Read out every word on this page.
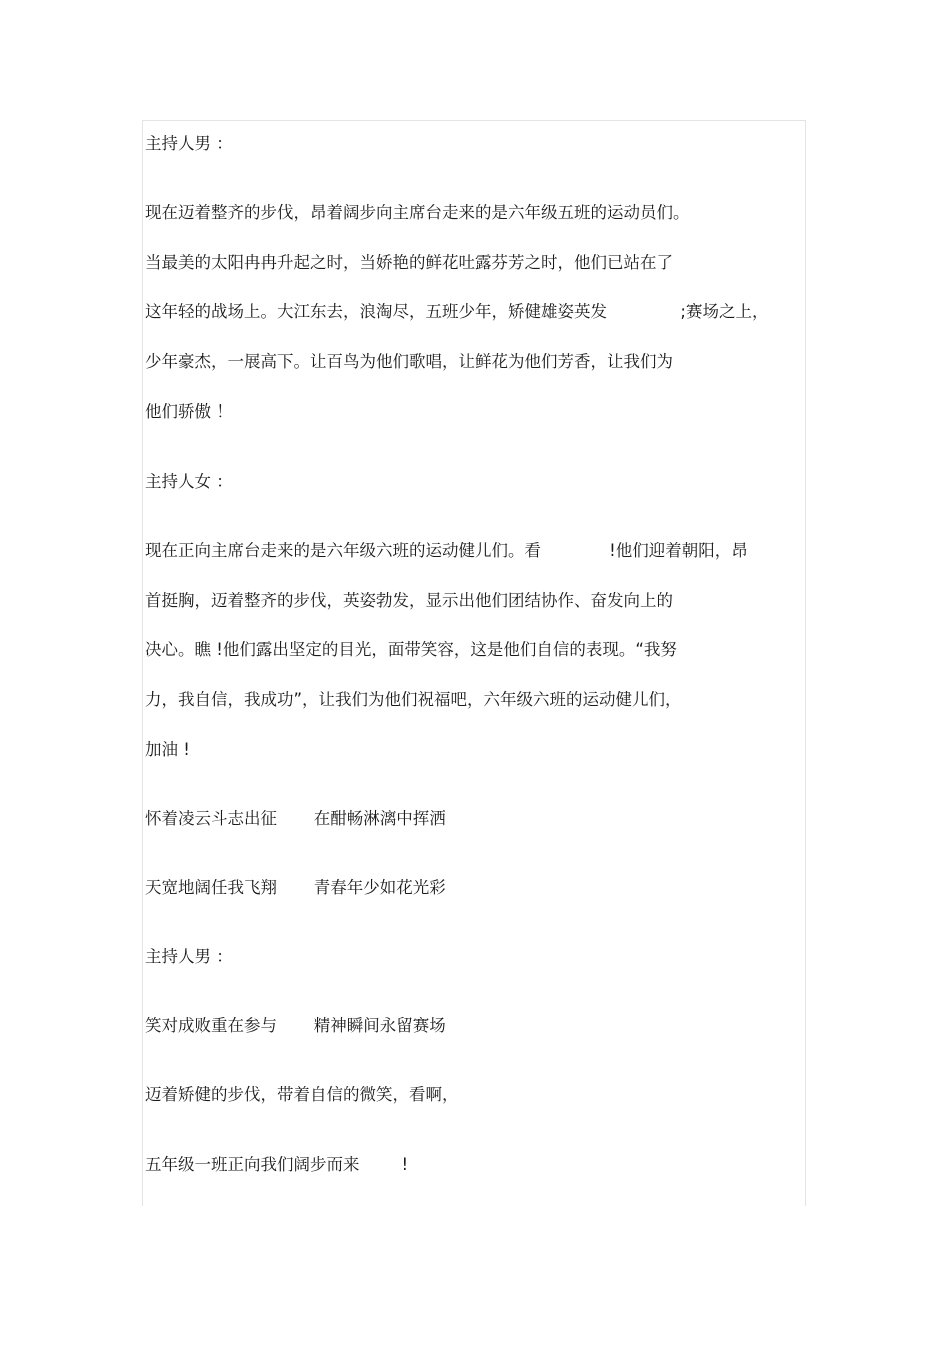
主持人男 ：
现在迈着整齐的步伐，昂着阔步向主席台走来的是六年级五班的运动员们。
当最美的太阳冉冉升起之时，当娇艳的鲜花吐露芬芳之时，他们已站在了
这年轻的战场上。大江东去，浪淘尽，五班少年，矫健雄姿英发              ;赛场之上，
少年豪杰，一展高下。让百鸟为他们歌唱，让鲜花为他们芳香，让我们为
他们骄傲 ！
主持人女 ：
现在正向主席台走来的是六年级六班的运动健儿们。看             !他们迎着朝阳，昂
首挺胸，迈着整齐的步伐，英姿勃发，显示出他们团结协作、奋发向上的
决心。瞧 !他们露出坚定的目光，面带笑容，这是他们自信的表现。“我努
力，我自信，我成功”，让我们为他们祝福吧，六年级六班的运动健儿们，
加油 !
怀着凌云斗志出征       在酣畅淋漓中挥洒
天宽地阔任我飞翔       青春年少如花光彩
主持人男 ：
笑对成败重在参与       精神瞬间永留赛场
迈着矫健的步伐，带着自信的微笑，看啊，
五年级一班正向我们阔步而来        !
